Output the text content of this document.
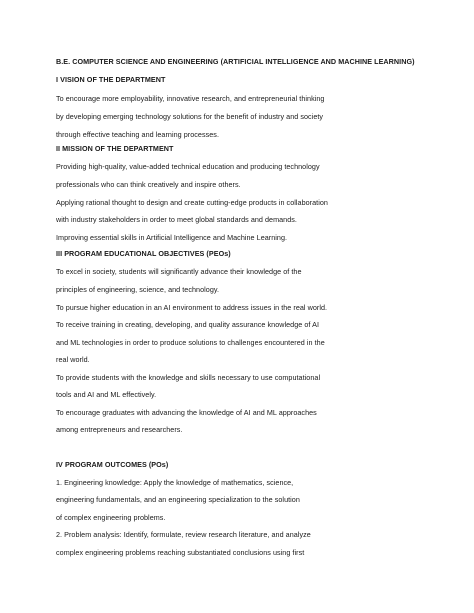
B.E. COMPUTER SCIENCE AND ENGINEERING (ARTIFICIAL INTELLIGENCE AND MACHINE LEARNING)
I VISION OF THE DEPARTMENT
To encourage more employability, innovative research, and entrepreneurial thinking
by developing emerging technology solutions for the benefit of industry and society
through effective teaching and learning processes.
II MISSION OF THE DEPARTMENT
Providing high-quality, value-added technical education and producing technology
professionals who can think creatively and inspire others.
Applying rational thought to design and create cutting-edge products in collaboration
with industry stakeholders in order to meet global standards and demands.
Improving essential skills in Artificial Intelligence and Machine Learning.
III PROGRAM EDUCATIONAL OBJECTIVES (PEOs)
To excel in society, students will significantly advance their knowledge of the
principles of engineering, science, and technology.
To pursue higher education in an AI environment to address issues in the real world.
To receive training in creating, developing, and quality assurance knowledge of AI
and ML technologies in order to produce solutions to challenges encountered in the
real world.
To provide students with the knowledge and skills necessary to use computational
tools and AI and ML effectively.
To encourage graduates with advancing the knowledge of AI and ML approaches
among entrepreneurs and researchers.
IV PROGRAM OUTCOMES (POs)
1. Engineering knowledge: Apply the knowledge of mathematics, science,
engineering fundamentals, and an engineering specialization to the solution
of complex engineering problems.
2. Problem analysis: Identify, formulate, review research literature, and analyze
complex engineering problems reaching substantiated conclusions using first
